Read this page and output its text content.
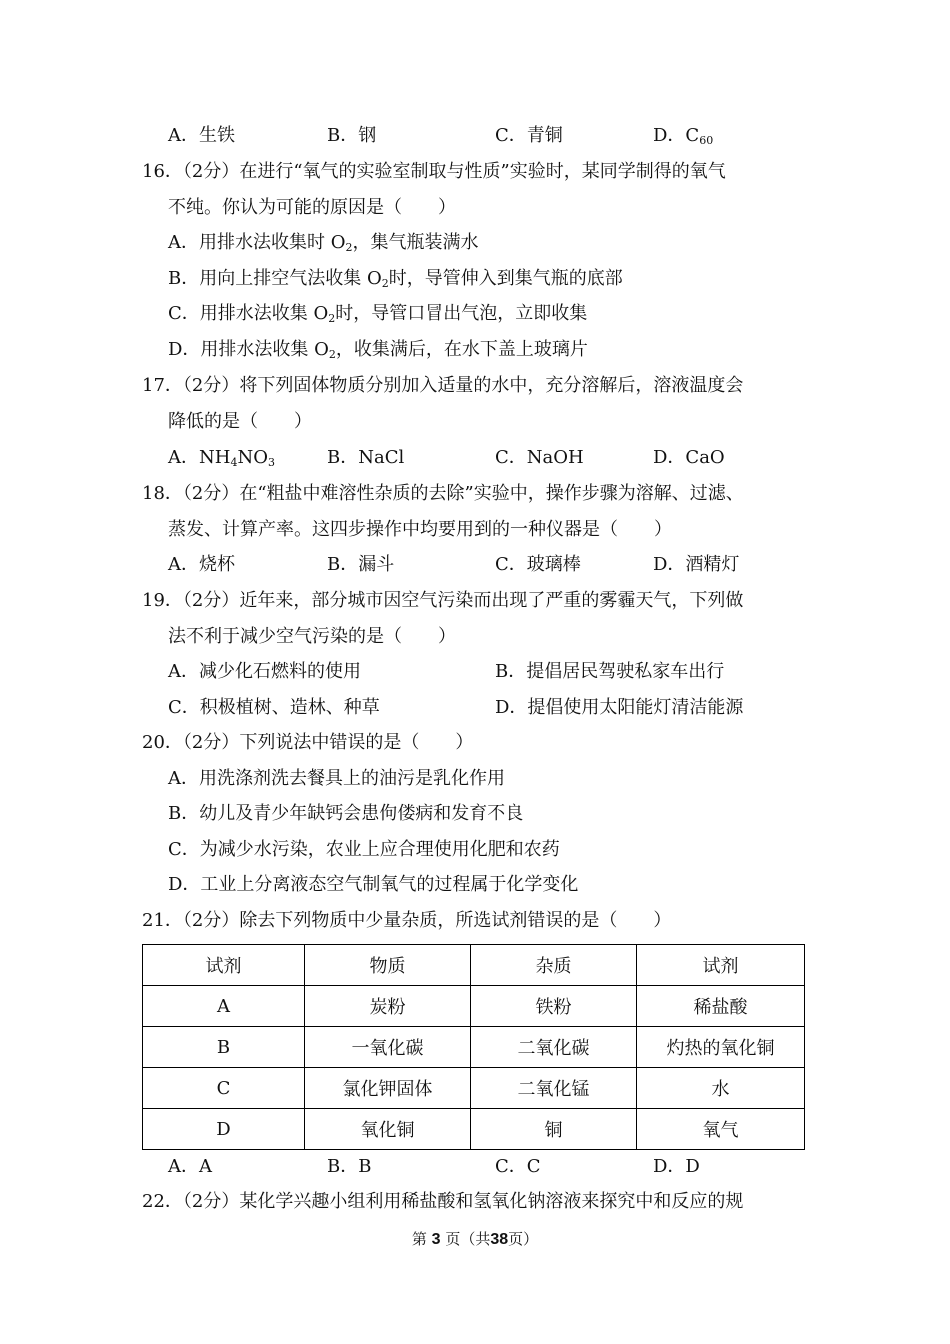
A．生铁	B．钢	C．青铜	D．$C_{60}$
16．（2分）在进行“氧气的实验室制取与性质”实验时，某同学制得的氧气
不纯。你认为可能的原因是（　　）
A．用排水法收集时 $O_2$，集气瓶装满水
B．用向上排空气法收集 $O_2$时，导管伸入到集气瓶的底部
C．用排水法收集 $O_2$时，导管口冒出气泡，立即收集
D．用排水法收集 $O_2$，收集满后，在水下盖上玻璃片
17．（2分）将下列固体物质分别加入适量的水中，充分溶解后，溶液温度会
降低的是（　　）
A．$NH_4NO_3$	B．NaCl	C．NaOH	D．CaO
18．（2分）在“粗盐中难溶性杂质的去除”实验中，操作步骤为溶解、过滤、
蒸发、计算产率。这四步操作中均要用到的一种仪器是（　　）
A．烧杯	B．漏斗	C．玻璃棒	D．酒精灯
19．（2分）近年来，部分城市因空气污染而出现了严重的雾霾天气，下列做
法不利于减少空气污染的是（　　）
A．减少化石燃料的使用	B．提倡居民驾驶私家车出行
C．积极植树、造林、种草	D．提倡使用太阳能灯清洁能源
20．（2分）下列说法中错误的是（　　）
A．用洗涤剂洗去餐具上的油污是乳化作用
B．幼儿及青少年缺钙会患佝偻病和发育不良
C．为减少水污染，农业上应合理使用化肥和农药
D．工业上分离液态空气制氧气的过程属于化学变化
21．（2分）除去下列物质中少量杂质，所选试剂错误的是（　　）
试剂	物质	杂质	试剂
A	炭粉	铁粉	稀盐酸
B	一氧化碳	二氧化碳	灼热的氧化铜
C	氯化钾固体	二氧化锰	水
D	氧化铜	铜	氧气
A．A	B．B	C．C	D．D
22．（2分）某化学兴趣小组利用稀盐酸和氢氧化钠溶液来探究中和反应的规
第 3 页（共38页）
